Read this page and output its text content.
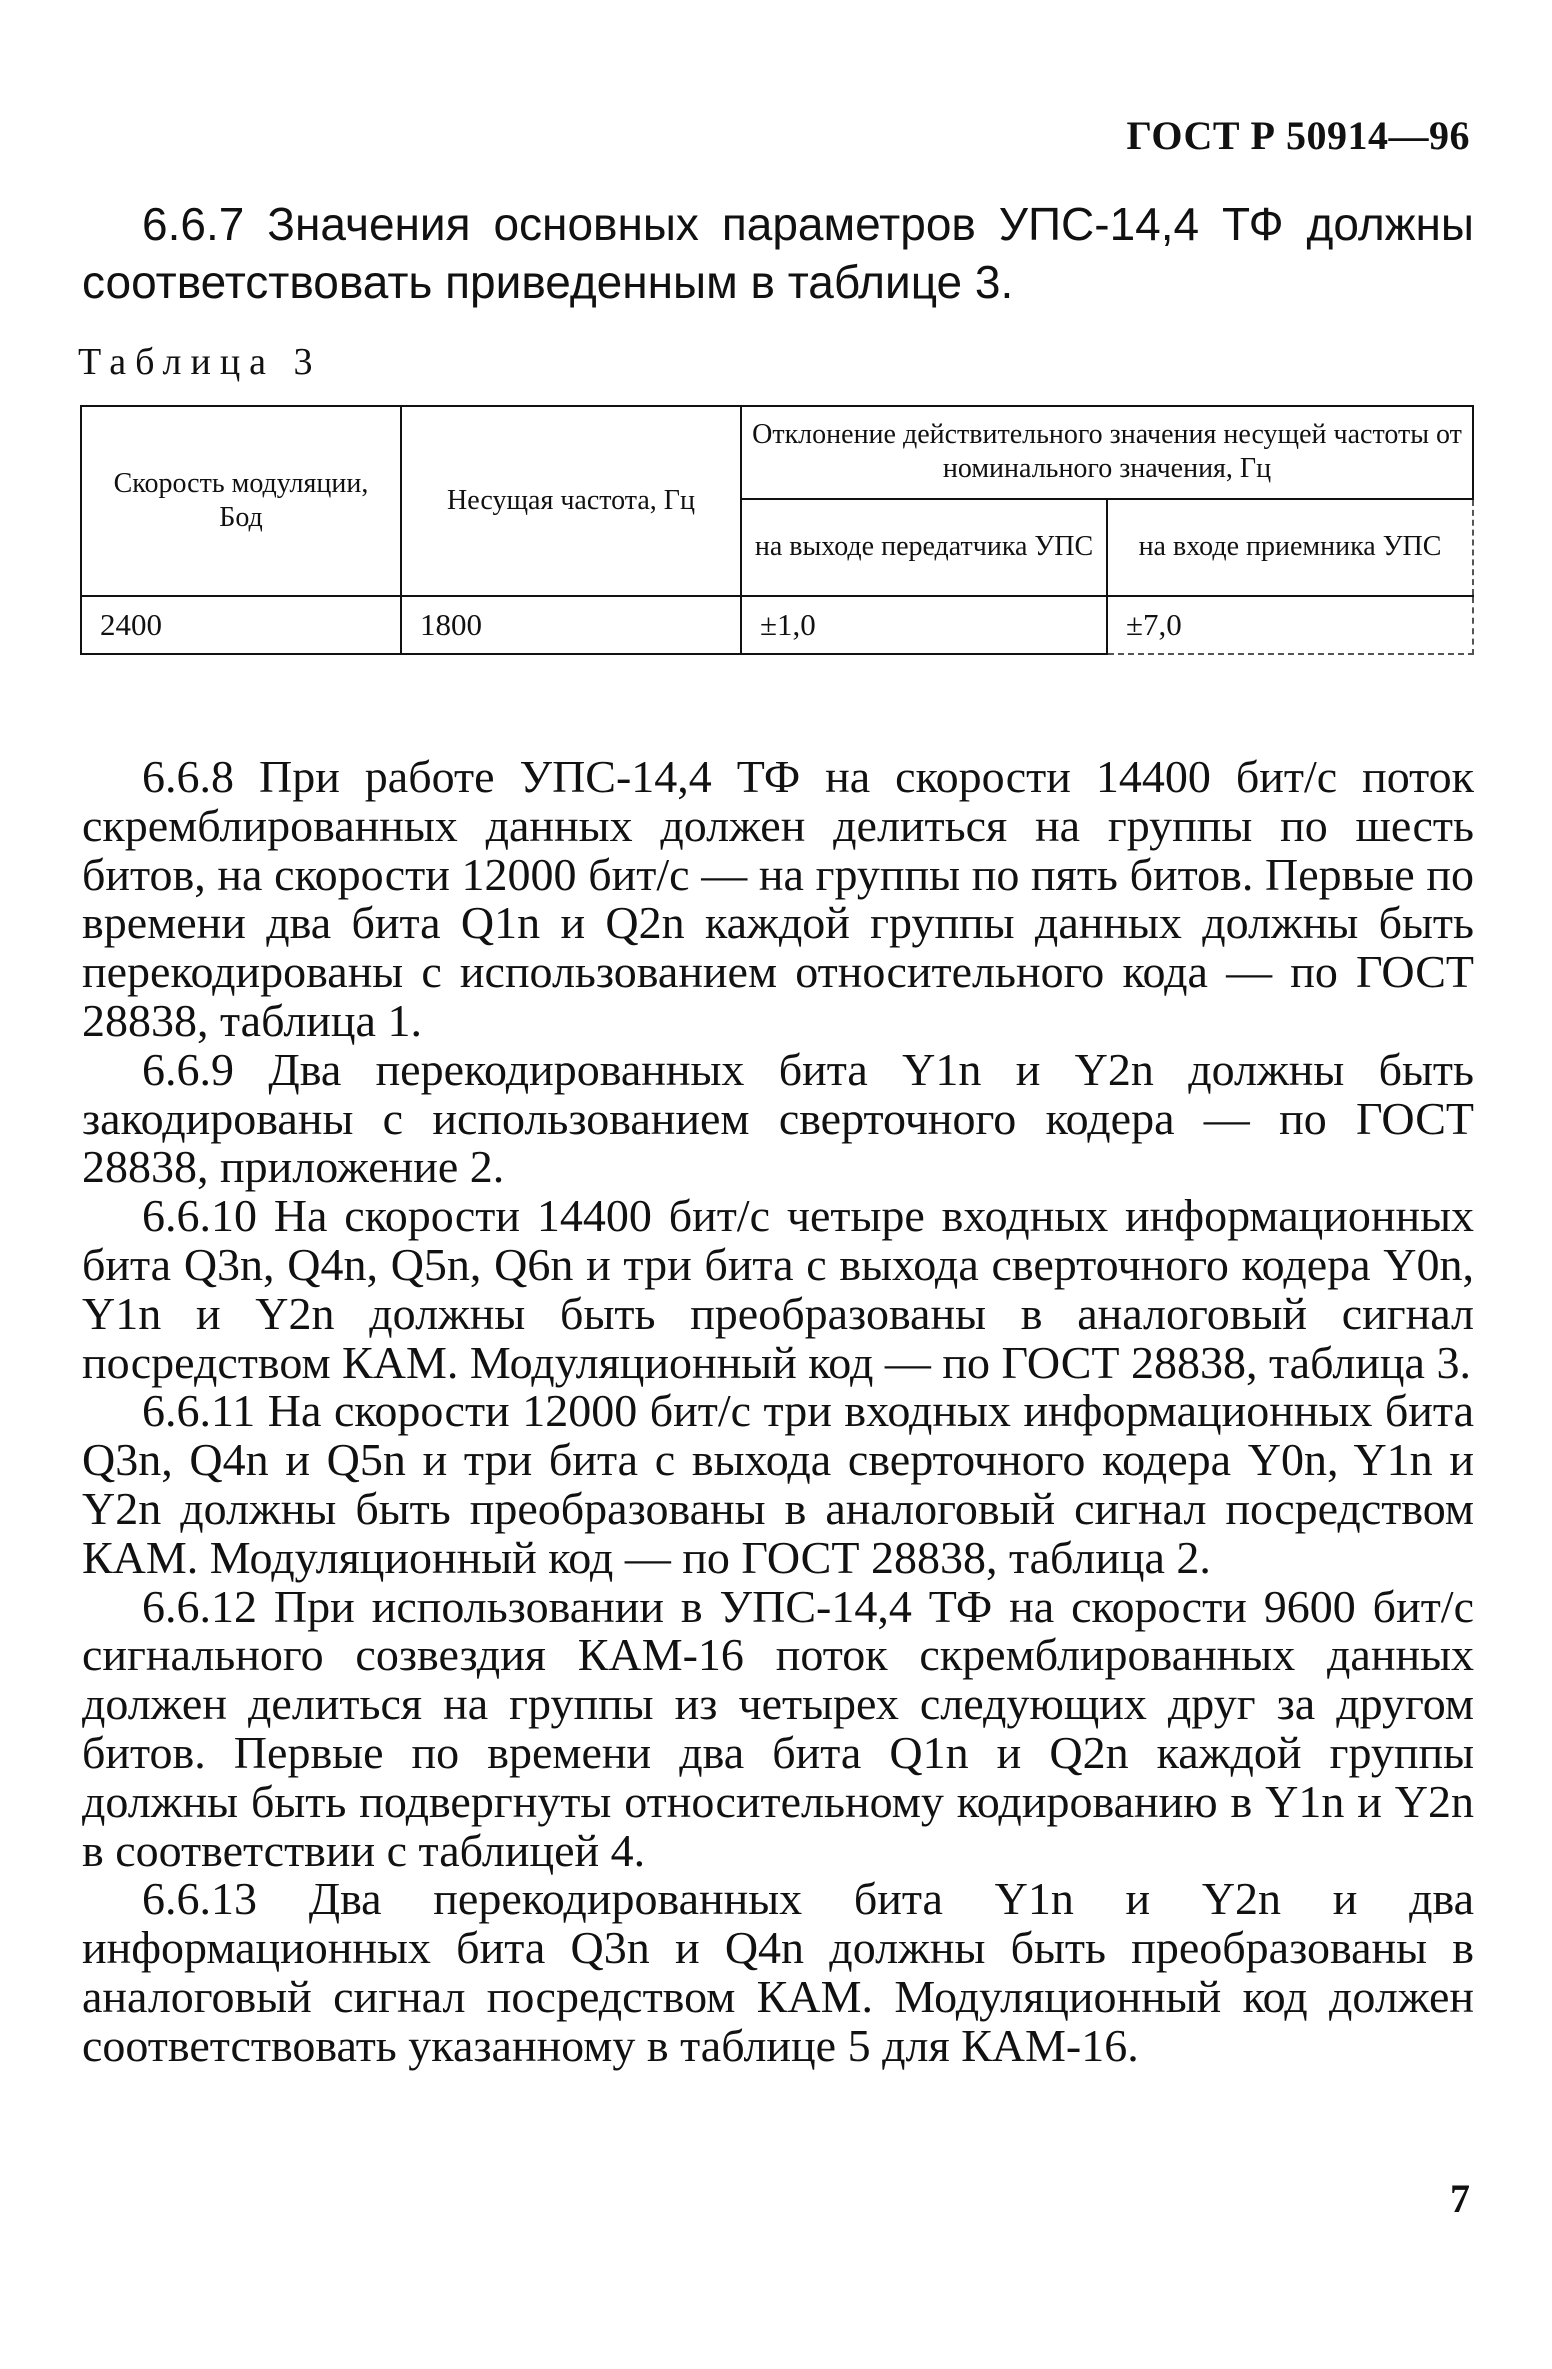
ГОСТ Р 50914—96
6.6.7 Значения основных параметров УПС-14,4 ТФ должны соответствовать приведенным в таблице 3.
Таблица 3
Скорость модуляции, Бод	Несущая частота, Гц	Отклонение действительного значения несущей частоты от номинального значения, Гц	
		на выходе передатчика УПС	на входе приемника УПС
2400	1800	±1,0	±7,0

6.6.8 При работе УПС-14,4 ТФ на скорости 14400 бит/с поток скремблированных данных должен делиться на группы по шесть битов, на скорости 12000 бит/с — на группы по пять битов. Первые по времени два бита Q1n и Q2n каждой группы данных должны быть перекодированы с использованием относительного кода — по ГОСТ 28838, таблица 1.

6.6.9 Два перекодированных бита Y1n и Y2n должны быть закодированы с использованием сверточного кодера — по ГОСТ 28838, приложение 2.

6.6.10 На скорости 14400 бит/с четыре входных информационных бита Q3n, Q4n, Q5n, Q6n и три бита с выхода сверточного кодера Y0n, Y1n и Y2n должны быть преобразованы в аналоговый сигнал посредством КАМ. Модуляционный код — по ГОСТ 28838, таблица 3.

6.6.11 На скорости 12000 бит/с три входных информационных бита Q3n, Q4n и Q5n и три бита с выхода сверточного кодера Y0n, Y1n и Y2n должны быть преобразованы в аналоговый сигнал посредством КАМ. Модуляционный код — по ГОСТ 28838, таблица 2.

6.6.12 При использовании в УПС-14,4 ТФ на скорости 9600 бит/с сигнального созвездия КАМ-16 поток скремблированных данных должен делиться на группы из четырех следующих друг за другом битов. Первые по времени два бита Q1n и Q2n каждой группы должны быть подвергнуты относительному кодированию в Y1n и Y2n в соответствии с таблицей 4.

6.6.13 Два перекодированных бита Y1n и Y2n и два информационных бита Q3n и Q4n должны быть преобразованы в аналоговый сигнал посредством КАМ. Модуляционный код должен соответствовать указанному в таблице 5 для КАМ-16.

7
